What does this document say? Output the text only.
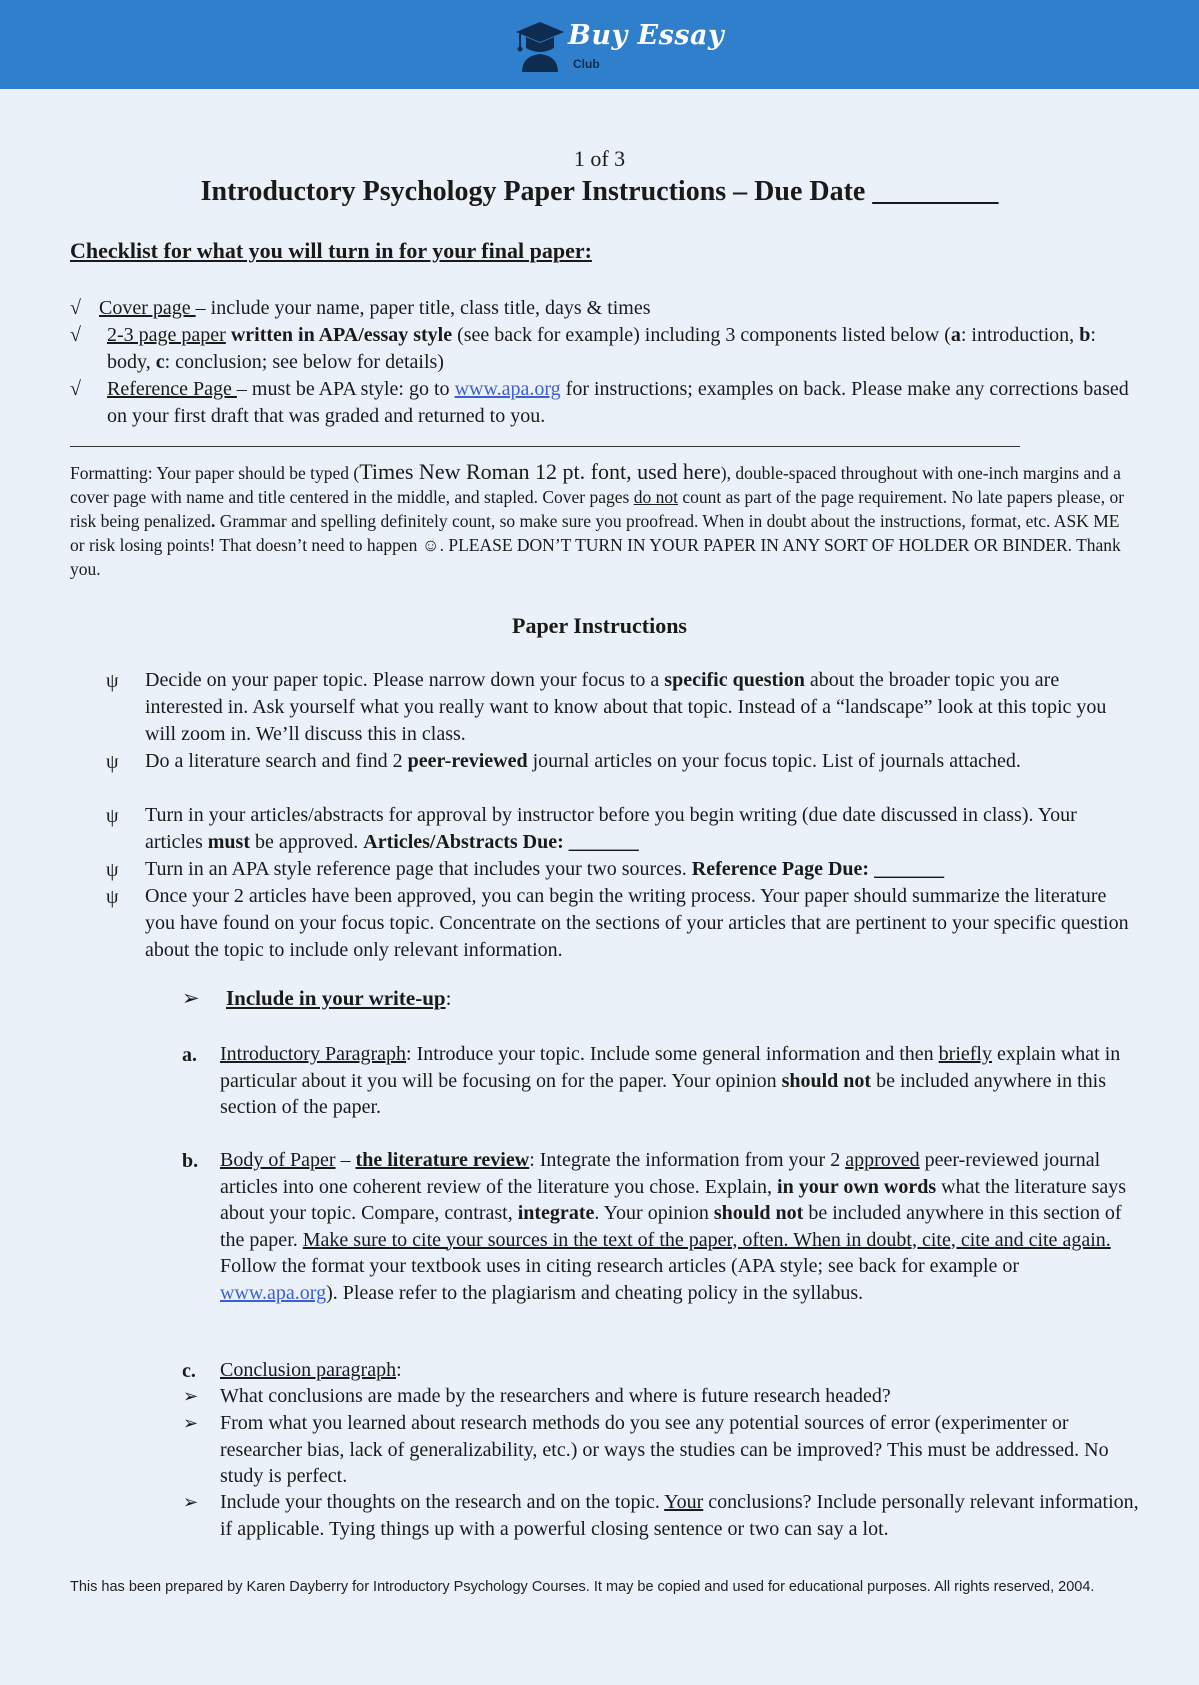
Buy Essay
Club
1 of 3
Introductory Psychology Paper Instructions – Due Date _________
Checklist for what you will turn in for your final paper:
√ Cover page – include your name, paper title, class title, days & times
√	2-3 page paper written in APA/essay style (see back for example) including 3 components listed below (a: introduction, b: body, c: conclusion; see below for details)
√	Reference Page – must be APA style: go to www.apa.org for instructions; examples on back. Please make any corrections based on your first draft that was graded and returned to you.
Formatting: Your paper should be typed (Times New Roman 12 pt. font, used here), double-spaced throughout with one-inch margins and a cover page with name and title centered in the middle, and stapled. Cover pages do not count as part of the page requirement. No late papers please, or risk being penalized. Grammar and spelling definitely count, so make sure you proofread. When in doubt about the instructions, format, etc. ASK ME or risk losing points! That doesn’t need to happen ☺. PLEASE DON’T TURN IN YOUR PAPER IN ANY SORT OF HOLDER OR BINDER. Thank you.
Paper Instructions
ψ Decide on your paper topic. Please narrow down your focus to a specific question about the broader topic you are interested in. Ask yourself what you really want to know about that topic. Instead of a “landscape” look at this topic you will zoom in. We’ll discuss this in class.
ψ Do a literature search and find 2 peer-reviewed journal articles on your focus topic. List of journals attached.
ψ Turn in your articles/abstracts for approval by instructor before you begin writing (due date discussed in class). Your articles must be approved. Articles/Abstracts Due: _______
ψ Turn in an APA style reference page that includes your two sources. Reference Page Due: _______
ψ Once your 2 articles have been approved, you can begin the writing process. Your paper should summarize the literature you have found on your focus topic. Concentrate on the sections of your articles that are pertinent to your specific question about the topic to include only relevant information.
➢ Include in your write-up:
a. Introductory Paragraph: Introduce your topic. Include some general information and then briefly explain what in particular about it you will be focusing on for the paper. Your opinion should not be included anywhere in this section of the paper.
b. Body of Paper – the literature review: Integrate the information from your 2 approved peer-reviewed journal articles into one coherent review of the literature you chose. Explain, in your own words what the literature says about your topic. Compare, contrast, integrate. Your opinion should not be included anywhere in this section of the paper. Make sure to cite your sources in the text of the paper, often. When in doubt, cite, cite and cite again. Follow the format your textbook uses in citing research articles (APA style; see back for example or www.apa.org). Please refer to the plagiarism and cheating policy in the syllabus.
c. Conclusion paragraph:
➢ What conclusions are made by the researchers and where is future research headed?
➢ From what you learned about research methods do you see any potential sources of error (experimenter or researcher bias, lack of generalizability, etc.) or ways the studies can be improved? This must be addressed. No study is perfect.
➢ Include your thoughts on the research and on the topic. Your conclusions? Include personally relevant information, if applicable. Tying things up with a powerful closing sentence or two can say a lot.
This has been prepared by Karen Dayberry for Introductory Psychology Courses. It may be copied and used for educational purposes. All rights reserved, 2004.
